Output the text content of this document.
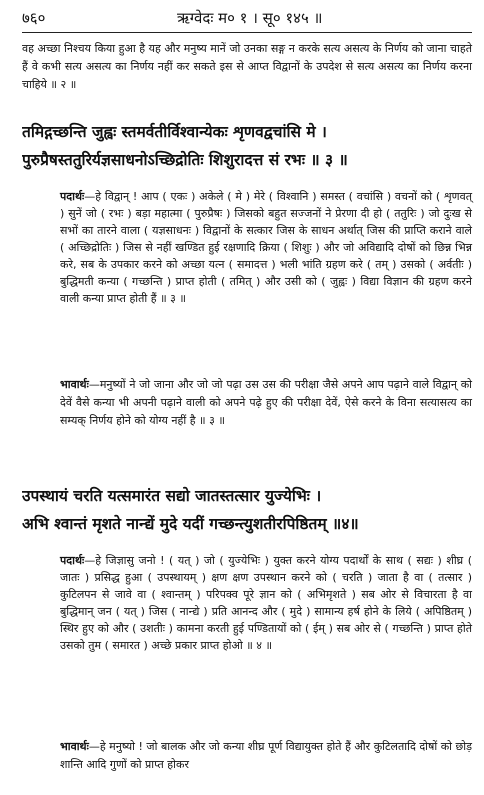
७६०	ऋग्वेदः म० १ । सू० १४५ ॥

वह अच्छा निश्चय किया हुआ है यह और मनुष्य मानें जो उनका सङ्ग न करके सत्य असत्य के निर्णय को जाना चाहते हैं वे कभी सत्य असत्य का निर्णय नहीं कर सकते इस से आप्त विद्वानों के उपदेश से सत्य असत्य का निर्णय करना चाहिये ॥ २ ॥

तमिद्गच्छन्ति जुह्वः स्तमर्वतीर्विश्वान्येकः शृणवद्वचांसि मे ।
पुरुप्रैषस्ततुरिर्यज्ञसाधनोऽच्छिद्रोतिः शिशुरादत्त सं रभः ॥ ३ ॥

पदार्थः—हे विद्वान् ! आप ( एकः ) अकेले ( मे ) मेरे ( विश्वानि ) समस्त ( वचांसि ) वचनों को ( शृणवत् ) सुनें जो ( रभः ) बड़ा महात्मा ( पुरुप्रैषः ) जिसको बहुत सज्जनों ने प्रेरणा दी हो ( ततुरिः ) जो दुःख से सभों का तारने वाला ( यज्ञसाधनः ) विद्वानों के सत्कार जिस के साधन अर्थात् जिस की प्राप्ति कराने वाले ( अच्छिद्रोतिः ) जिस से नहीं खण्डित हुई रक्षणादि क्रिया ( शिशुः ) और जो अविद्यादि दोषों को छिन्न भिन्न करे, सब के उपकार करने को अच्छा यत्न ( समादत्त ) भली भांति ग्रहण करे ( तम् ) उसको ( अर्वतीः ) बुद्धिमती कन्या ( गच्छन्ति ) प्राप्त होती ( तमित् ) और उसी को ( जुह्वः ) विद्या विज्ञान की ग्रहण करने वाली कन्या प्राप्त होती हैं ॥ ३ ॥

भावार्थः—मनुष्यों ने जो जाना और जो जो पढ़ा उस उस की परीक्षा जैसे अपने आप पढ़ाने वाले विद्वान् को देवें वैसे कन्या भी अपनी पढ़ाने वाली को अपने पढ़े हुए की परीक्षा देवें, ऐसे करने के विना सत्यासत्य का सम्यक् निर्णय होने को योग्य नहीं है ॥ ३ ॥

उपस्थायं चरति यत्समारंत सद्यो जातस्तत्सार युज्येभिः ।
अभि श्वान्तं मृशते नान्द्यें मुदे यदीं गच्छन्त्युशतीरपिष्ठितम् ॥४॥

पदार्थः—हे जिज्ञासु जनो ! ( यत् ) जो ( युज्येभिः ) युक्त करने योग्य पदार्थों के साथ ( सद्यः ) शीघ्र ( जातः ) प्रसिद्ध हुआ ( उपस्थायम् ) क्षण क्षण उपस्थान करने को ( चरति ) जाता है वा ( तत्सार ) कुटिलपन से जावे वा ( श्वान्तम् ) परिपक्व पूरे ज्ञान को ( अभिमृशते ) सब ओर से विचारता है वा बुद्धिमान् जन ( यत् ) जिस ( नान्द्ये ) प्रति आनन्द और ( मुदे ) सामान्य हर्ष होने के लिये ( अपिष्ठितम् ) स्थिर हुए को और ( उशतीः ) कामना करती हुई पण्डितायों को ( ईम् ) सब ओर से ( गच्छन्ति ) प्राप्त होते उसको तुम ( समारत ) अच्छे प्रकार प्राप्त होओ ॥ ४ ॥

भावार्थः—हे मनुष्यो ! जो बालक और जो कन्या शीघ्र पूर्ण विद्यायुक्त होते हैं और कुटिलतादि दोषों को छोड़ शान्ति आदि गुणों को प्राप्त होकर
